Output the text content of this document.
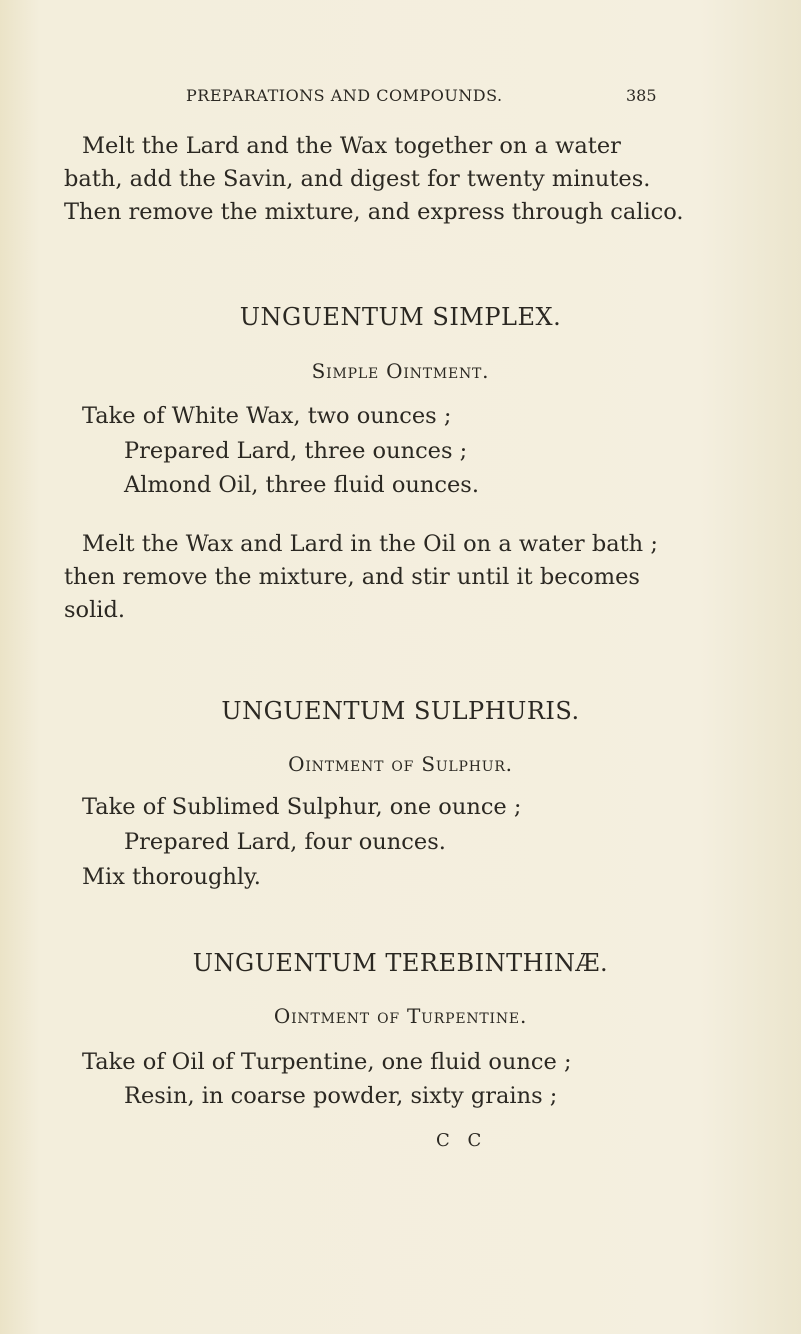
PREPARATIONS AND COMPOUNDS.	385

Melt the Lard and the Wax together on a water
bath, add the Savin, and digest for twenty minutes.
Then remove the mixture, and express through calico.

UNGUENTUM SIMPLEX.
Simple Ointment.
Take of White Wax, two ounces ;
Prepared Lard, three ounces ;
Almond Oil, three fluid ounces.

Melt the Wax and Lard in the Oil on a water bath ;
then remove the mixture, and stir until it becomes
solid.

UNGUENTUM SULPHURIS.
Ointment of Sulphur.
Take of Sublimed Sulphur, one ounce ;
Prepared Lard, four ounces.
Mix thoroughly.
UNGUENTUM TEREBINTHINÆ.
Ointment of Turpentine.
Take of Oil of Turpentine, one fluid ounce ;
Resin, in coarse powder, sixty grains ;
C C
